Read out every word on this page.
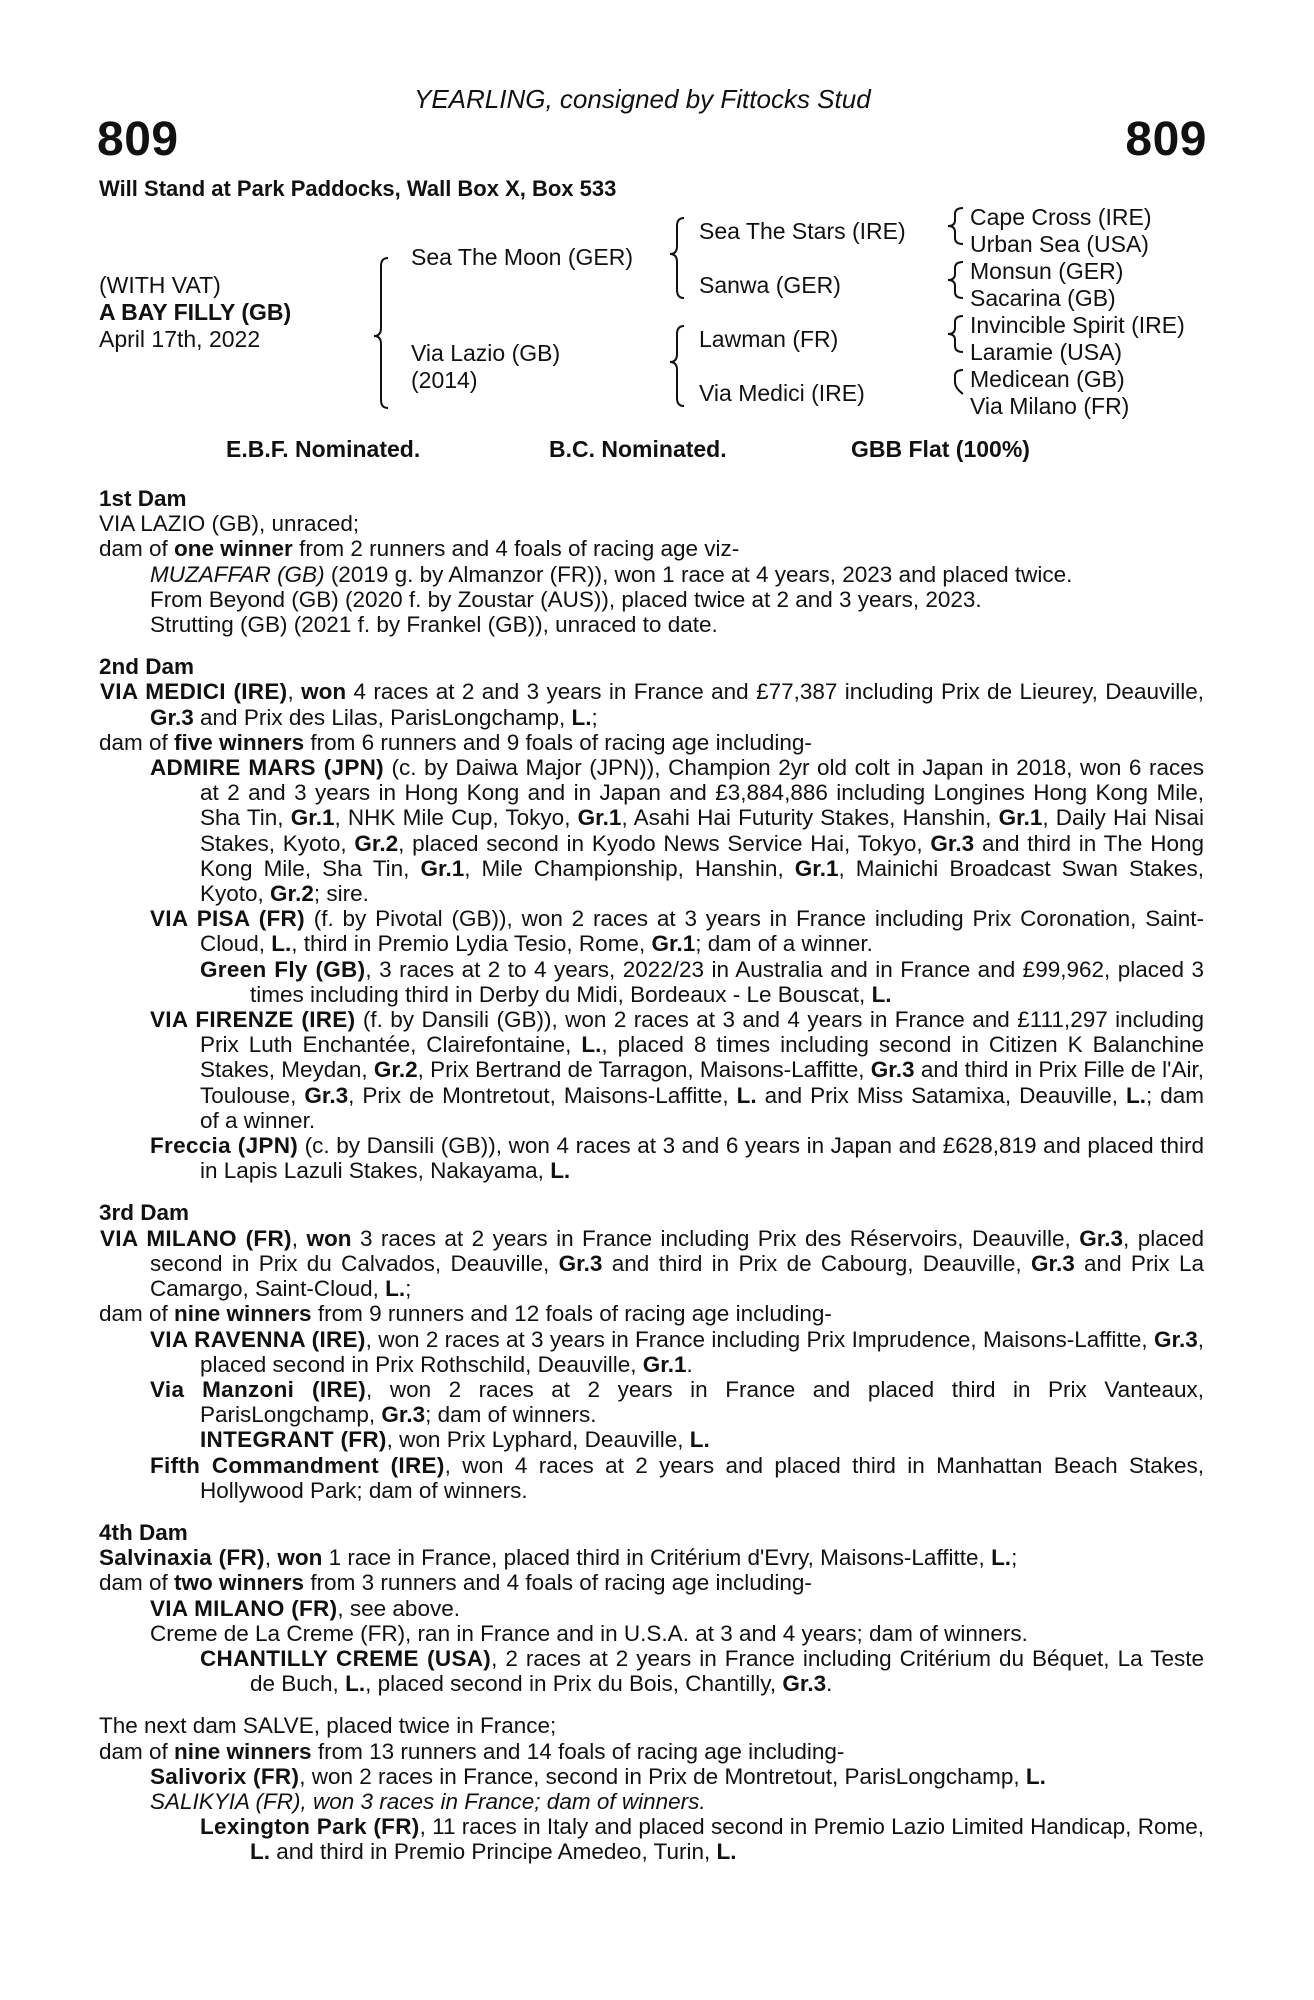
YEARLING, consigned by Fittocks Stud
809	809
Will Stand at Park Paddocks, Wall Box X, Box 533
(WITH VAT)
A BAY FILLY (GB)
April 17th, 2022
Sea The Moon (GER)
Via Lazio (GB)
(2014)
Sea The Stars (IRE)
Sanwa (GER)
Lawman (FR)
Via Medici (IRE)
Cape Cross (IRE)
Urban Sea (USA)
Monsun (GER)
Sacarina (GB)
Invincible Spirit (IRE)
Laramie (USA)
Medicean (GB)
Via Milano (FR)
E.B.F. Nominated.	B.C. Nominated.	GBB Flat (100%)
1st Dam
VIA LAZIO (GB), unraced;
dam of one winner from 2 runners and 4 foals of racing age viz-
MUZAFFAR (GB) (2019 g. by Almanzor (FR)), won 1 race at 4 years, 2023 and placed twice.
From Beyond (GB) (2020 f. by Zoustar (AUS)), placed twice at 2 and 3 years, 2023.
Strutting (GB) (2021 f. by Frankel (GB)), unraced to date.
2nd Dam
VIA MEDICI (IRE), won 4 races at 2 and 3 years in France and £77,387 including Prix de Lieurey, Deauville, Gr.3 and Prix des Lilas, ParisLongchamp, L.;
dam of five winners from 6 runners and 9 foals of racing age including-
ADMIRE MARS (JPN) (c. by Daiwa Major (JPN)), Champion 2yr old colt in Japan in 2018, won 6 races at 2 and 3 years in Hong Kong and in Japan and £3,884,886 including Longines Hong Kong Mile, Sha Tin, Gr.1, NHK Mile Cup, Tokyo, Gr.1, Asahi Hai Futurity Stakes, Hanshin, Gr.1, Daily Hai Nisai Stakes, Kyoto, Gr.2, placed second in Kyodo News Service Hai, Tokyo, Gr.3 and third in The Hong Kong Mile, Sha Tin, Gr.1, Mile Championship, Hanshin, Gr.1, Mainichi Broadcast Swan Stakes, Kyoto, Gr.2; sire.
VIA PISA (FR) (f. by Pivotal (GB)), won 2 races at 3 years in France including Prix Coronation, Saint-Cloud, L., third in Premio Lydia Tesio, Rome, Gr.1; dam of a winner.
Green Fly (GB), 3 races at 2 to 4 years, 2022/23 in Australia and in France and £99,962, placed 3 times including third in Derby du Midi, Bordeaux - Le Bouscat, L.
VIA FIRENZE (IRE) (f. by Dansili (GB)), won 2 races at 3 and 4 years in France and £111,297 including Prix Luth Enchantée, Clairefontaine, L., placed 8 times including second in Citizen K Balanchine Stakes, Meydan, Gr.2, Prix Bertrand de Tarragon, Maisons-Laffitte, Gr.3 and third in Prix Fille de l'Air, Toulouse, Gr.3, Prix de Montretout, Maisons-Laffitte, L. and Prix Miss Satamixa, Deauville, L.; dam of a winner.
Freccia (JPN) (c. by Dansili (GB)), won 4 races at 3 and 6 years in Japan and £628,819 and placed third in Lapis Lazuli Stakes, Nakayama, L.
3rd Dam
VIA MILANO (FR), won 3 races at 2 years in France including Prix des Réservoirs, Deauville, Gr.3, placed second in Prix du Calvados, Deauville, Gr.3 and third in Prix de Cabourg, Deauville, Gr.3 and Prix La Camargo, Saint-Cloud, L.;
dam of nine winners from 9 runners and 12 foals of racing age including-
VIA RAVENNA (IRE), won 2 races at 3 years in France including Prix Imprudence, Maisons-Laffitte, Gr.3, placed second in Prix Rothschild, Deauville, Gr.1.
Via Manzoni (IRE), won 2 races at 2 years in France and placed third in Prix Vanteaux, ParisLongchamp, Gr.3; dam of winners.
INTEGRANT (FR), won Prix Lyphard, Deauville, L.
Fifth Commandment (IRE), won 4 races at 2 years and placed third in Manhattan Beach Stakes, Hollywood Park; dam of winners.
4th Dam
Salvinaxia (FR), won 1 race in France, placed third in Critérium d'Evry, Maisons-Laffitte, L.;
dam of two winners from 3 runners and 4 foals of racing age including-
VIA MILANO (FR), see above.
Creme de La Creme (FR), ran in France and in U.S.A. at 3 and 4 years; dam of winners.
CHANTILLY CREME (USA), 2 races at 2 years in France including Critérium du Béquet, La Teste de Buch, L., placed second in Prix du Bois, Chantilly, Gr.3.
The next dam SALVE, placed twice in France;
dam of nine winners from 13 runners and 14 foals of racing age including-
Salivorix (FR), won 2 races in France, second in Prix de Montretout, ParisLongchamp, L.
SALIKYIA (FR), won 3 races in France; dam of winners.
Lexington Park (FR), 11 races in Italy and placed second in Premio Lazio Limited Handicap, Rome, L. and third in Premio Principe Amedeo, Turin, L.
